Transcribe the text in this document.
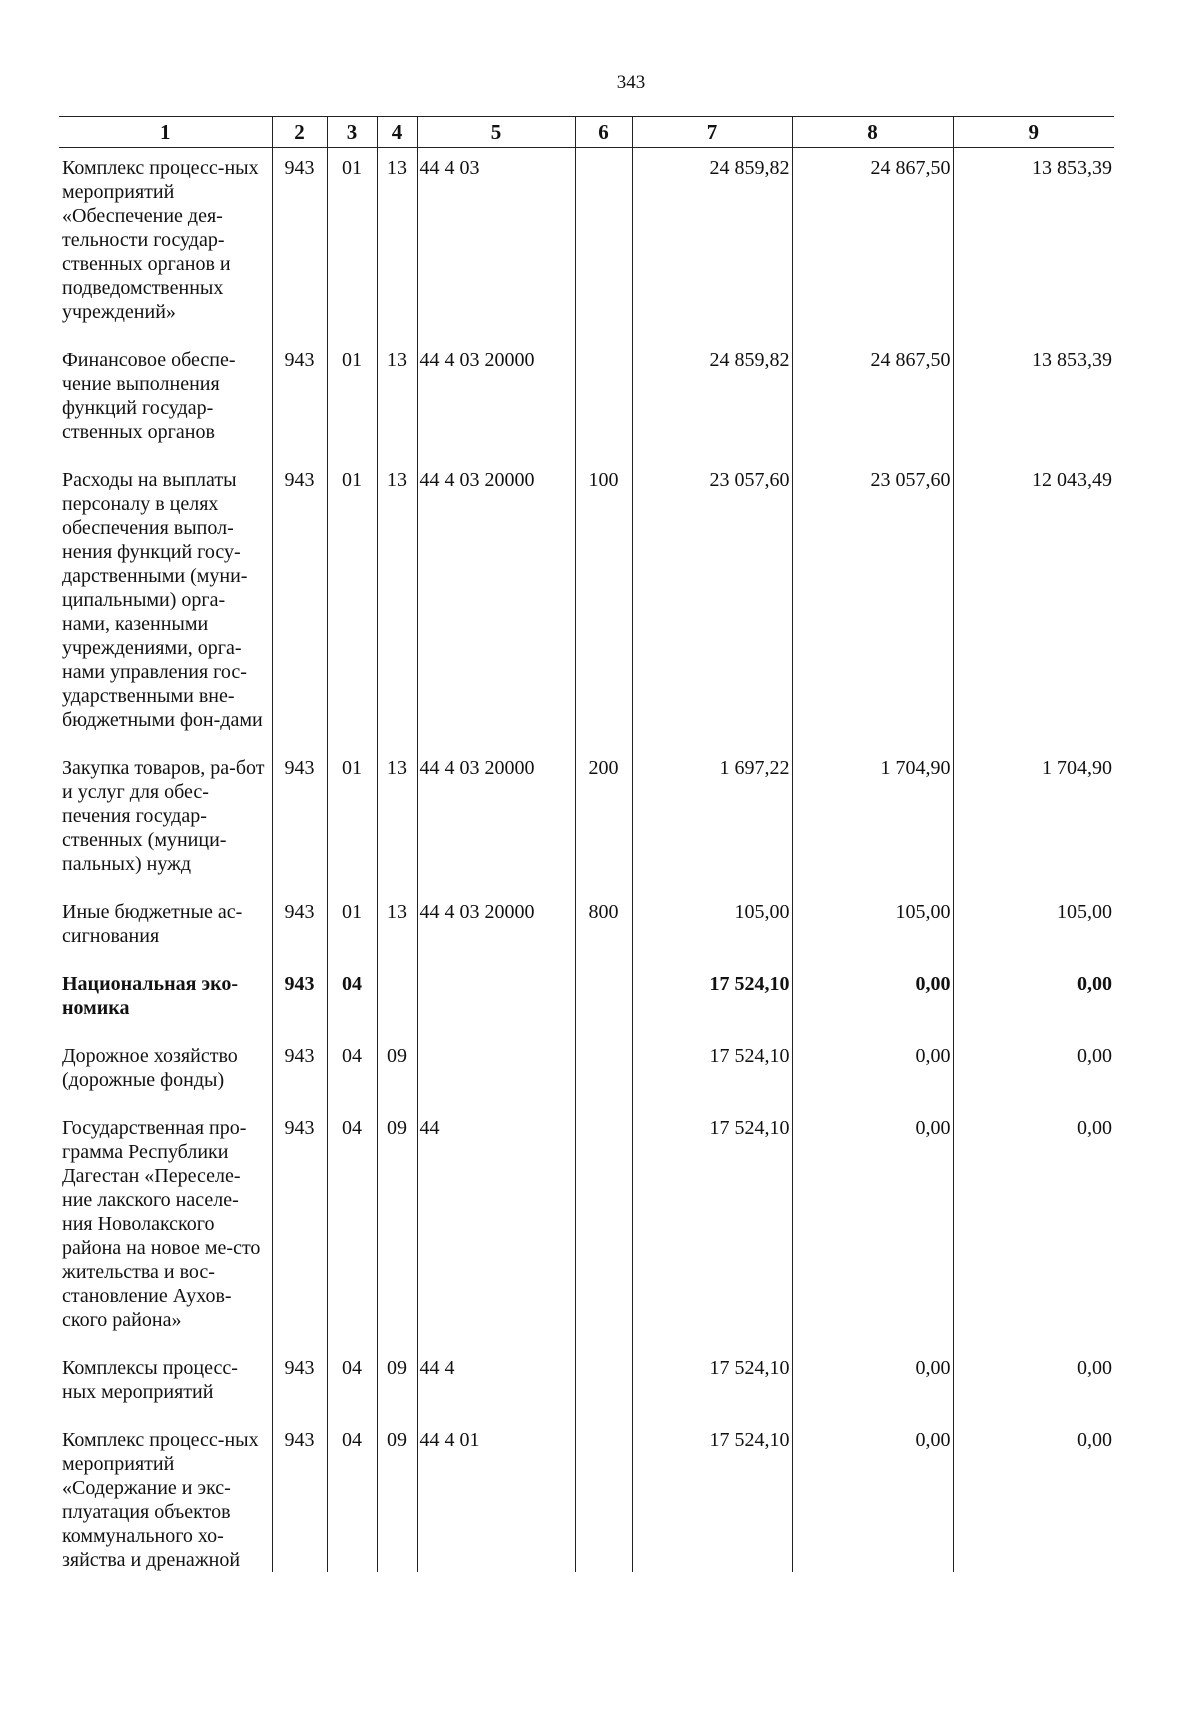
343
1	2	3	4	5	6	7	8	9
Комплекс процесс-ных мероприятий «Обеспечение дея-тельности государ-ственных органов и подведомственных учреждений»	943	01	13	44 4 03		24 859,82	24 867,50	13 853,39
Финансовое обеспе-чение выполнения функций государ-ственных органов	943	01	13	44 4 03 20000		24 859,82	24 867,50	13 853,39
Расходы на выплаты персоналу в целях обеспечения выпол-нения функций госу-дарственными (муни-ципальными) орга-нами, казенными учреждениями, орга-нами управления гос-ударственными вне-бюджетными фон-дами	943	01	13	44 4 03 20000	100	23 057,60	23 057,60	12 043,49
Закупка товаров, ра-бот и услуг для обес-печения государ-ственных (муници-пальных) нужд	943	01	13	44 4 03 20000	200	1 697,22	1 704,90	1 704,90
Иные бюджетные ас-сигнования	943	01	13	44 4 03 20000	800	105,00	105,00	105,00
Национальная эко-номика	943	04				17 524,10	0,00	0,00
Дорожное хозяйство (дорожные фонды)	943	04	09			17 524,10	0,00	0,00
Государственная про-грамма Республики Дагестан «Переселе-ние лакского населе-ния Новолакского района на новое ме-сто жительства и вос-становление Аухов-ского района»	943	04	09	44		17 524,10	0,00	0,00
Комплексы процесс-ных мероприятий	943	04	09	44 4		17 524,10	0,00	0,00
Комплекс процесс-ных мероприятий «Содержание и экс-плуатация объектов коммунального хо-зяйства и дренажной	943	04	09	44 4 01		17 524,10	0,00	0,00
